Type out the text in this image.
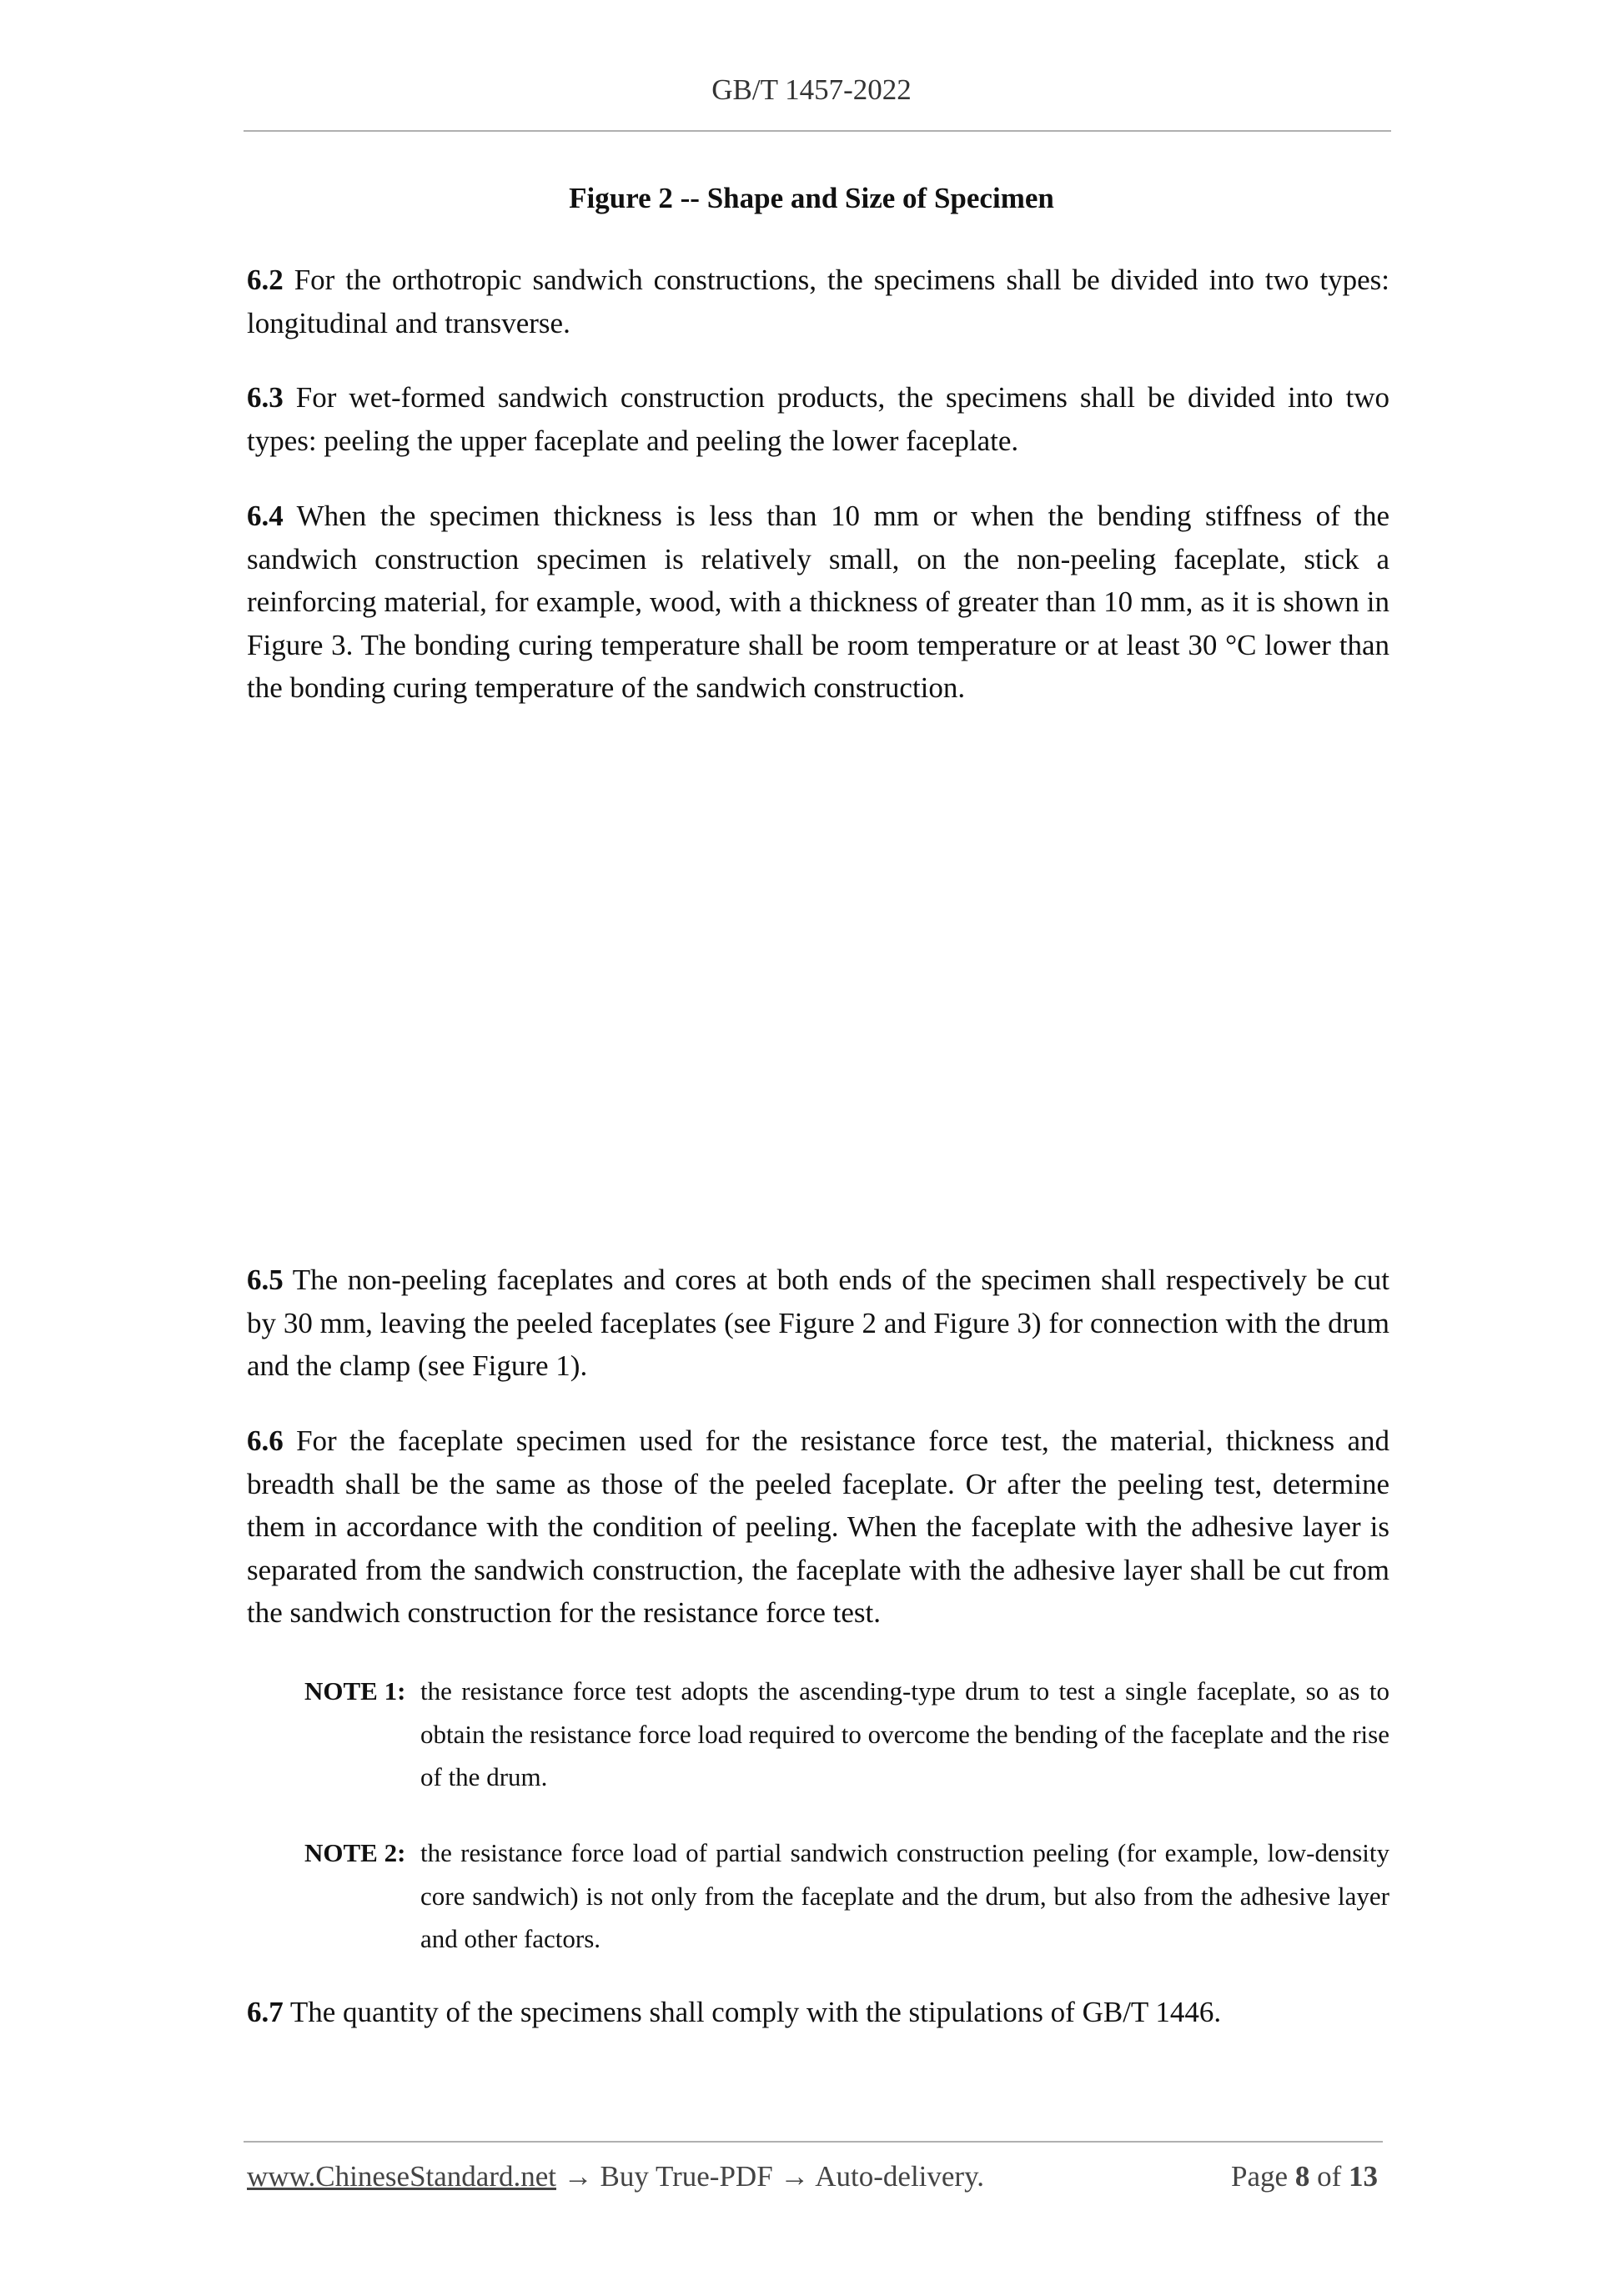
GB/T 1457-2022
Figure 2 -- Shape and Size of Specimen

6.2 For the orthotropic sandwich constructions, the specimens shall be divided into two types: longitudinal and transverse.

6.3 For wet-formed sandwich construction products, the specimens shall be divided into two types: peeling the upper faceplate and peeling the lower faceplate.

6.4 When the specimen thickness is less than 10 mm or when the bending stiffness of the sandwich construction specimen is relatively small, on the non-peeling faceplate, stick a reinforcing material, for example, wood, with a thickness of greater than 10 mm, as it is shown in Figure 3. The bonding curing temperature shall be room temperature or at least 30 °C lower than the bonding curing temperature of the sandwich construction.

6.5 The non-peeling faceplates and cores at both ends of the specimen shall respectively be cut by 30 mm, leaving the peeled faceplates (see Figure 2 and Figure 3) for connection with the drum and the clamp (see Figure 1).

6.6 For the faceplate specimen used for the resistance force test, the material, thickness and breadth shall be the same as those of the peeled faceplate. Or after the peeling test, determine them in accordance with the condition of peeling. When the faceplate with the adhesive layer is separated from the sandwich construction, the faceplate with the adhesive layer shall be cut from the sandwich construction for the resistance force test.

NOTE 1: the resistance force test adopts the ascending-type drum to test a single faceplate, so as to obtain the resistance force load required to overcome the bending of the faceplate and the rise of the drum.
NOTE 2: the resistance force load of partial sandwich construction peeling (for example, low-density core sandwich) is not only from the faceplate and the drum, but also from the adhesive layer and other factors.

6.7 The quantity of the specimens shall comply with the stipulations of GB/T 1446.

www.ChineseStandard.net → Buy True-PDF → Auto-delivery.	Page 8 of 13
